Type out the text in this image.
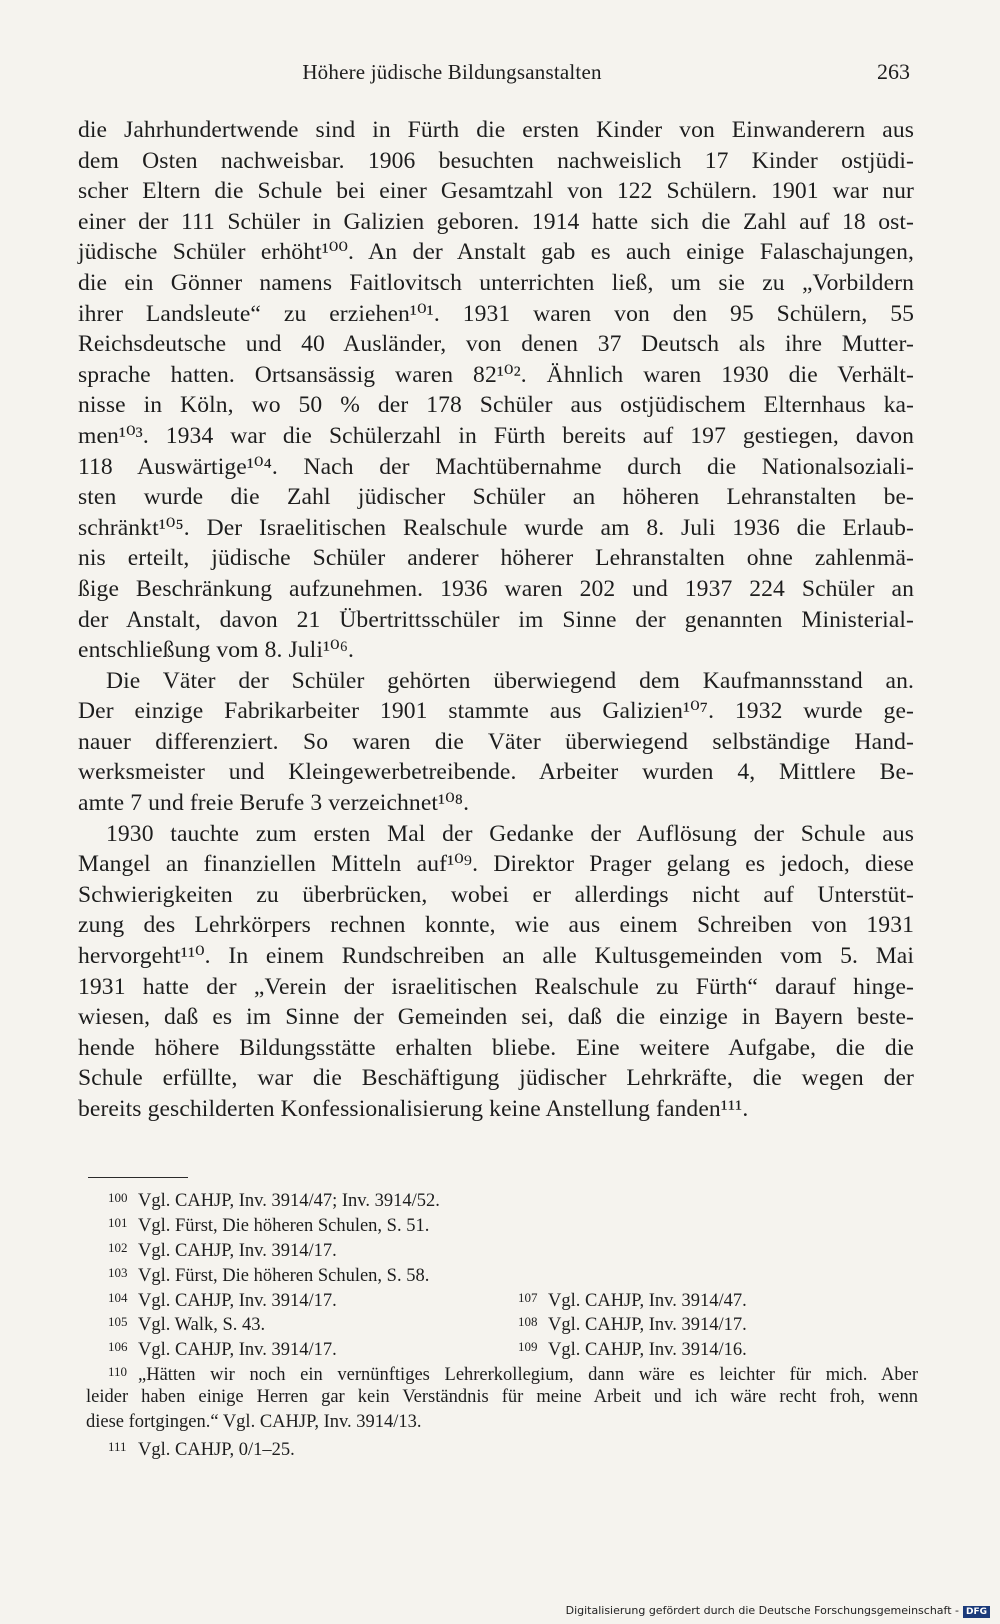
Höhere jüdische Bildungsanstalten	263
die Jahrhundertwende sind in Fürth die ersten Kinder von Einwanderern aus
dem Osten nachweisbar. 1906 besuchten nachweislich 17 Kinder ostjüdi-
scher Eltern die Schule bei einer Gesamtzahl von 122 Schülern. 1901 war nur
einer der 111 Schüler in Galizien geboren. 1914 hatte sich die Zahl auf 18 ost-
jüdische Schüler erhöht¹⁰⁰. An der Anstalt gab es auch einige Falaschajungen,
die ein Gönner namens Faitlovitsch unterrichten ließ, um sie zu „Vorbildern
ihrer Landsleute“ zu erziehen¹⁰¹. 1931 waren von den 95 Schülern, 55
Reichsdeutsche und 40 Ausländer, von denen 37 Deutsch als ihre Mutter-
sprache hatten. Ortsansässig waren 82¹⁰². Ähnlich waren 1930 die Verhält-
nisse in Köln, wo 50 % der 178 Schüler aus ostjüdischem Elternhaus ka-
men¹⁰³. 1934 war die Schülerzahl in Fürth bereits auf 197 gestiegen, davon
118 Auswärtige¹⁰⁴. Nach der Machtübernahme durch die Nationalsoziali-
sten wurde die Zahl jüdischer Schüler an höheren Lehranstalten be-
schränkt¹⁰⁵. Der Israelitischen Realschule wurde am 8. Juli 1936 die Erlaub-
nis erteilt, jüdische Schüler anderer höherer Lehranstalten ohne zahlenmä-
ßige Beschränkung aufzunehmen. 1936 waren 202 und 1937 224 Schüler an
der Anstalt, davon 21 Übertrittsschüler im Sinne der genannten Ministerial-
entschließung vom 8. Juli¹⁰⁶.
Die Väter der Schüler gehörten überwiegend dem Kaufmannsstand an.
Der einzige Fabrikarbeiter 1901 stammte aus Galizien¹⁰⁷. 1932 wurde ge-
nauer differenziert. So waren die Väter überwiegend selbständige Hand-
werksmeister und Kleingewerbetreibende. Arbeiter wurden 4, Mittlere Be-
amte 7 und freie Berufe 3 verzeichnet¹⁰⁸.
1930 tauchte zum ersten Mal der Gedanke der Auflösung der Schule aus
Mangel an finanziellen Mitteln auf¹⁰⁹. Direktor Prager gelang es jedoch, diese
Schwierigkeiten zu überbrücken, wobei er allerdings nicht auf Unterstüt-
zung des Lehrkörpers rechnen konnte, wie aus einem Schreiben von 1931
hervorgeht¹¹⁰. In einem Rundschreiben an alle Kultusgemeinden vom 5. Mai
1931 hatte der „Verein der israelitischen Realschule zu Fürth“ darauf hinge-
wiesen, daß es im Sinne der Gemeinden sei, daß die einzige in Bayern beste-
hende höhere Bildungsstätte erhalten bliebe. Eine weitere Aufgabe, die die
Schule erfüllte, war die Beschäftigung jüdischer Lehrkräfte, die wegen der
bereits geschilderten Konfessionalisierung keine Anstellung fanden¹¹¹.
100 Vgl. CAHJP, Inv. 3914/47; Inv. 3914/52.
101 Vgl. Fürst, Die höheren Schulen, S. 51.
102 Vgl. CAHJP, Inv. 3914/17.
103 Vgl. Fürst, Die höheren Schulen, S. 58.
104 Vgl. CAHJP, Inv. 3914/17.	107 Vgl. CAHJP, Inv. 3914/47.
105 Vgl. Walk, S. 43.	108 Vgl. CAHJP, Inv. 3914/17.
106 Vgl. CAHJP, Inv. 3914/17.	109 Vgl. CAHJP, Inv. 3914/16.
110 „Hätten wir noch ein vernünftiges Lehrerkollegium, dann wäre es leichter für mich. Aber
leider haben einige Herren gar kein Verständnis für meine Arbeit und ich wäre recht froh, wenn
diese fortgingen.“ Vgl. CAHJP, Inv. 3914/13.
111 Vgl. CAHJP, 0/1–25.
Digitalisierung gefördert durch die Deutsche Forschungsgemeinschaft - DFG
